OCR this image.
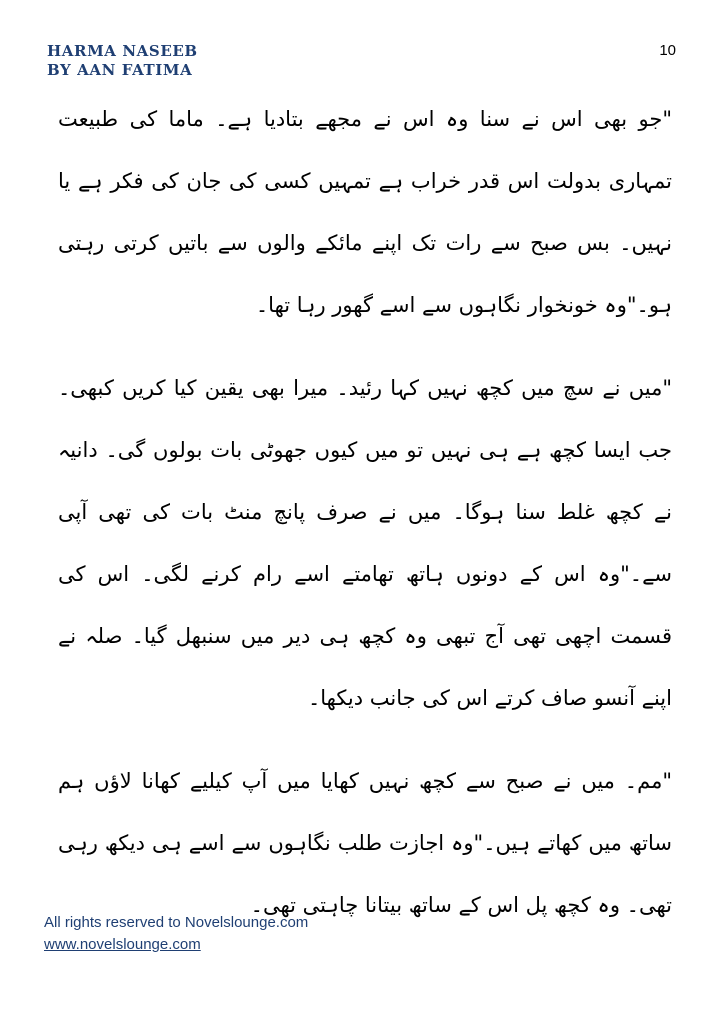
HARMA NASEEB
BY AAN FATIMA
10

"جو بھی اس نے سنا وہ اس نے مجھے بتادیا ہے۔ ماما کی طبیعت تمہاری بدولت اس قدر خراب ہے تمہیں کسی کی جان کی فکر ہے یا نہیں۔ بس صبح سے رات تک اپنے مائکے والوں سے باتیں کرتی رہتی ہو۔"وہ خونخوار نگاہوں سے اسے گھور رہا تھا۔

"میں نے سچ میں کچھ نہیں کہا رئید۔ میرا بھی یقین کیا کریں کبھی۔ جب ایسا کچھ ہے ہی نہیں تو میں کیوں جھوٹی بات بولوں گی۔ دانیہ نے کچھ غلط سنا ہوگا۔ میں نے صرف پانچ منٹ بات کی تھی آپی سے۔"وہ اس کے دونوں ہاتھ تھامتے اسے رام کرنے لگی۔ اس کی قسمت اچھی تھی آج تبھی وہ کچھ ہی دیر میں سنبھل گیا۔ صلہ نے اپنے آنسو صاف کرتے اس کی جانب دیکھا۔

"مم۔ میں نے صبح سے کچھ نہیں کھایا میں آپ کیلیے کھانا لاؤں ہم ساتھ میں کھاتے ہیں۔"وہ اجازت طلب نگاہوں سے اسے ہی دیکھ رہی تھی۔ وہ کچھ پل اس کے ساتھ بیتانا چاہتی تھی۔

All rights reserved to Novelslounge.com
www.novelslounge.com
